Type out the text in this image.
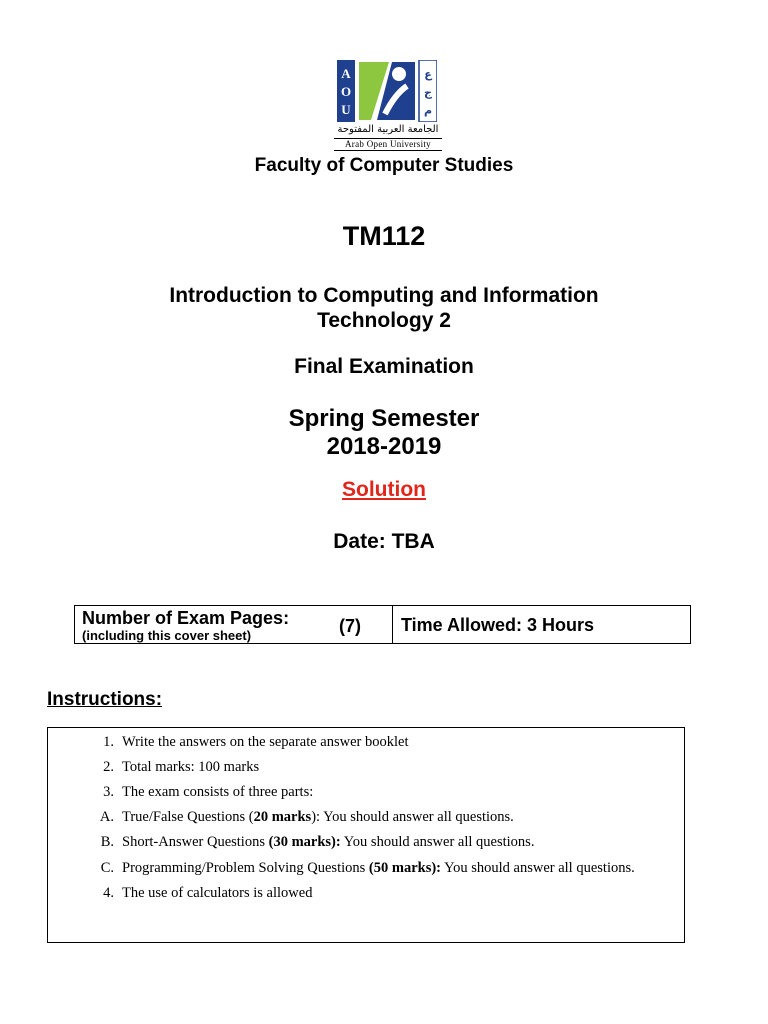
A
O
U
ع
ج
م
الجامعة العربية المفتوحة
Arab Open University
Faculty of Computer Studies
TM112
Introduction to Computing and Information
Technology 2
Final Examination
Spring Semester
2018-2019
Solution
Date: TBA
Number of Exam Pages:
(including this cover sheet)	(7) Time Allowed: 3 Hours
Instructions:
1. Write the answers on the separate answer booklet
2. Total marks: 100 marks
3. The exam consists of three parts:
A. True/False Questions (20 marks): You should answer all questions.
B. Short-Answer Questions (30 marks): You should answer all questions.
C. Programming/Problem Solving Questions (50 marks): You should answer all questions.
4. The use of calculators is allowed
